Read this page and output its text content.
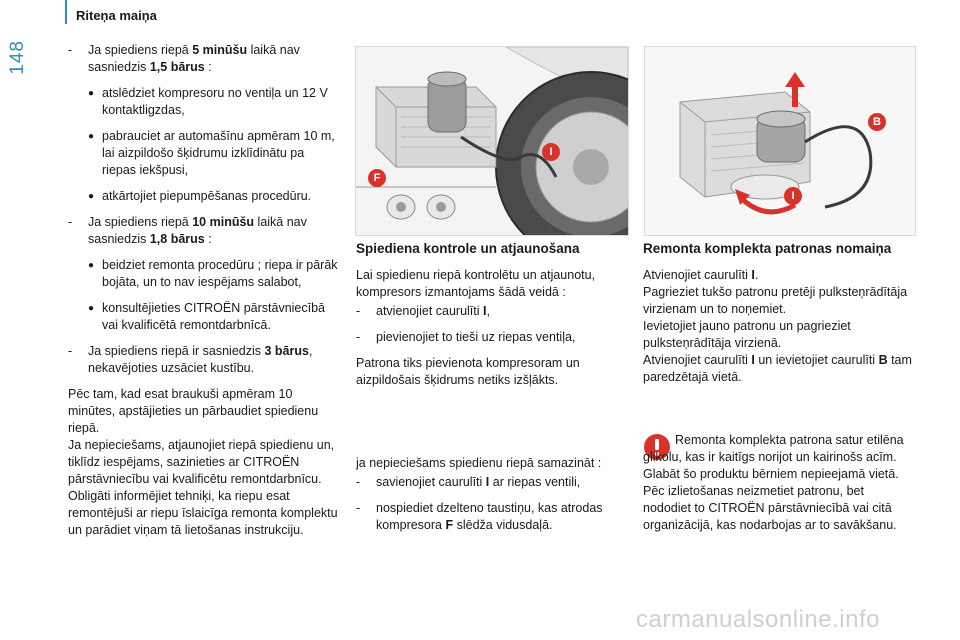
148
Riteņa maiņa
-	Ja spiediens riepā 5 minūšu laikā nav sasniedzis 1,5 bārus :
● atslēdziet kompresoru no ventiļa un 12 V kontaktligzdas,
● pabrauciet ar automašīnu apmēram 10 m, lai aizpildošo šķidrumu izklīdinātu pa riepas iekšpusi,
● atkārtojiet piepumpēšanas procedūru.
-	Ja spiediens riepā 10 minūšu laikā nav sasniedzis 1,8 bārus :
● beidziet remonta procedūru ; riepa ir pārāk bojāta, un to nav iespējams salabot,
● konsultējieties CITROËN pārstāvniecībā vai kvalificētā remontdarbnīcā.
-	Ja spiediens riepā ir sasniedzis 3 bārus, nekavējoties uzsāciet kustību.
Pēc tam, kad esat braukuši apmēram 10 minūtes, apstājieties un pārbaudiet spiedienu riepā.
Ja nepieciešams, atjaunojiet riepā spiedienu un, tiklīdz iespējams, sazinieties ar CITROËN pārstāvniecību vai kvalificētu remontdarbnīcu.
Obligāti informējiet tehniķi, ka riepu esat remontējuši ar riepu īslaicīga remonta komplektu un parādiet viņam tā lietošanas instrukciju.
I
F
B
I
Spiediena kontrole un atjaunošana
Lai spiedienu riepā kontrolētu un atjaunotu, kompresors izmantojams šādā veidā :
-	atvienojiet caurulīti I,
-	pievienojiet to tieši uz riepas ventiļa,
Patrona tiks pievienota kompresoram un aizpildošais šķidrums netiks izšļākts.
ja nepieciešams spiedienu riepā samazināt :
-	savienojiet caurulīti I ar riepas ventili,
-	nospiediet dzelteno taustiņu, kas atrodas kompresora F slēdža vidusdaļā.
Remonta komplekta patronas nomaiņa
Atvienojiet caurulīti I.
Pagrieziet tukšo patronu pretēji pulksteņrādītāja virzienam un to noņemiet.
Ievietojiet jauno patronu un pagrieziet pulksteņrādītāja virzienā.
Atvienojiet caurulīti I un ievietojiet caurulīti B tam paredzētajā vietā.
Remonta komplekta patrona satur etilēna glikolu, kas ir kaitīgs norijot un kairinošs acīm.
Glabāt šo produktu bērniem nepieejamā vietā.
Pēc izlietošanas neizmetiet patronu, bet nododiet to CITROËN pārstāvniecībā vai citā organizācijā, kas nodarbojas ar to savākšanu.
carmanualsonline.info
